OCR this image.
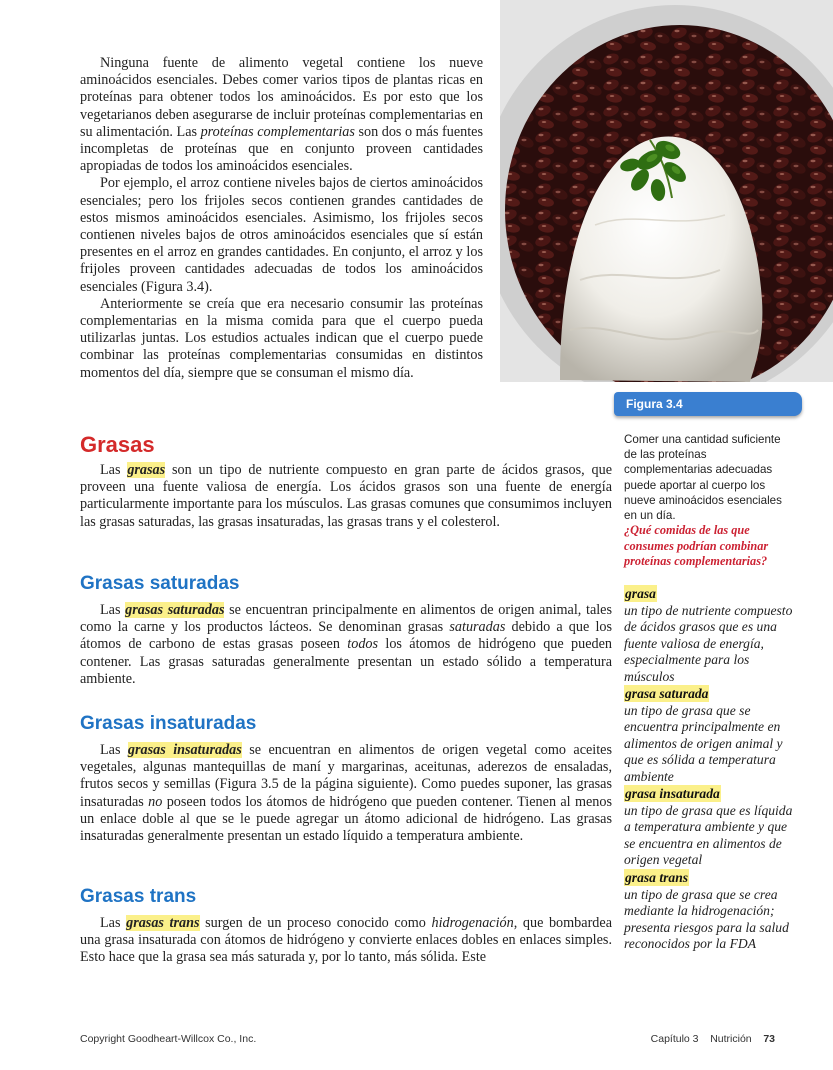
Ninguna fuente de alimento vegetal contiene los nueve aminoácidos esenciales. Debes comer varios tipos de plantas ricas en proteínas para obtener todos los aminoácidos. Es por esto que los vegetarianos deben asegurarse de incluir proteínas complementarias en su alimentación. Las proteínas complementarias son dos o más fuentes incompletas de proteínas que en conjunto proveen cantidades apropiadas de todos los aminoácidos esenciales.

Por ejemplo, el arroz contiene niveles bajos de ciertos aminoácidos esenciales; pero los frijoles secos contienen grandes cantidades de estos mismos aminoácidos esenciales. Asimismo, los frijoles secos contienen niveles bajos de otros aminoácidos esenciales que sí están presentes en el arroz en grandes cantidades. En conjunto, el arroz y los frijoles proveen cantidades adecuadas de todos los aminoácidos esenciales (Figura 3.4).

Anteriormente se creía que era necesario consumir las proteínas complementarias en la misma comida para que el cuerpo pueda utilizarlas juntas. Los estudios actuales indican que el cuerpo puede combinar las proteínas complementarias consumidas en distintos momentos del día, siempre que se consuman el mismo día.

Grasas

Las grasas son un tipo de nutriente compuesto en gran parte de ácidos grasos, que proveen una fuente valiosa de energía. Los ácidos grasos son una fuente de energía particularmente importante para los músculos. Las grasas comunes que consumimos incluyen las grasas saturadas, las grasas insaturadas, las grasas trans y el colesterol.

Grasas saturadas

Las grasas saturadas se encuentran principalmente en alimentos de origen animal, tales como la carne y los productos lácteos. Se denominan grasas saturadas debido a que los átomos de carbono de estas grasas poseen todos los átomos de hidrógeno que pueden contener. Las grasas saturadas generalmente presentan un estado sólido a temperatura ambiente.

Grasas insaturadas

Las grasas insaturadas se encuentran en alimentos de origen vegetal como aceites vegetales, algunas mantequillas de maní y margarinas, aceitunas, aderezos de ensaladas, frutos secos y semillas (Figura 3.5 de la página siguiente). Como puedes suponer, las grasas insaturadas no poseen todos los átomos de hidrógeno que pueden contener. Tienen al menos un enlace doble al que se le puede agregar un átomo adicional de hidrógeno. Las grasas insaturadas generalmente presentan un estado líquido a temperatura ambiente.

Grasas trans

Las grasas trans surgen de un proceso conocido como hidrogenación, que bombardea una grasa insaturada con átomos de hidrógeno y convierte enlaces dobles en enlaces simples. Esto hace que la grasa sea más saturada y, por lo tanto, más sólida. Este

Figura 3.4
Comer una cantidad suficiente de las proteínas complementarias adecuadas puede aportar al cuerpo los nueve aminoácidos esenciales en un día.
¿Qué comidas de las que consumes podrían combinar proteínas complementarias?
grasa
un tipo de nutriente compuesto de ácidos grasos que es una fuente valiosa de energía, especialmente para los músculos
grasa saturada
un tipo de grasa que se encuentra principalmente en alimentos de origen animal y que es sólida a temperatura ambiente
grasa insaturada
un tipo de grasa que es líquida a temperatura ambiente y que se encuentra en alimentos de origen vegetal
grasa trans
un tipo de grasa que se crea mediante la hidrogenación; presenta riesgos para la salud reconocidos por la FDA
Copyright Goodheart-Willcox Co., Inc.	Capítulo 3 Nutrición 73
